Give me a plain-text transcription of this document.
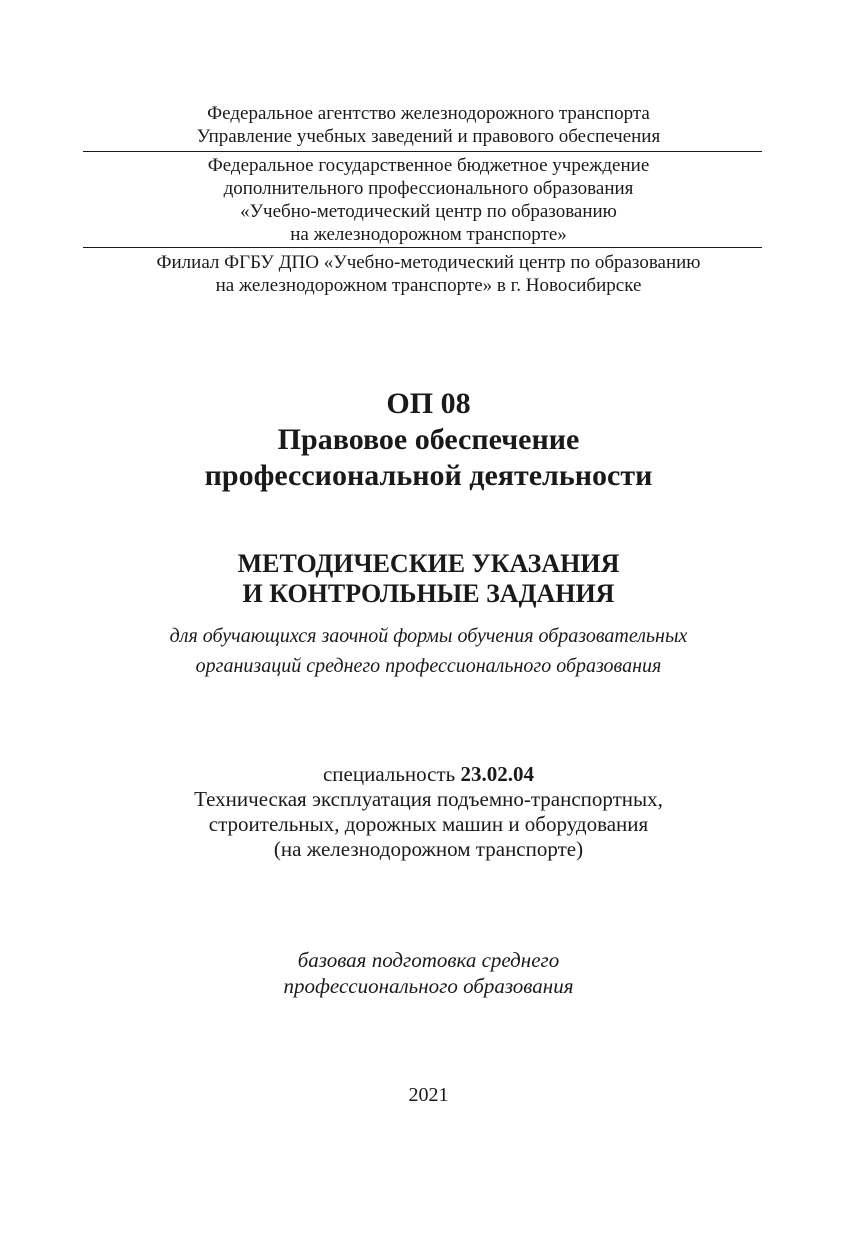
Федеральное агентство железнодорожного транспорта
Управление учебных заведений и правового обеспечения
Федеральное государственное бюджетное учреждение
дополнительного профессионального образования
«Учебно-методический центр по образованию
на железнодорожном транспорте»
Филиал ФГБУ ДПО «Учебно-методический центр по образованию
на железнодорожном транспорте» в г. Новосибирске
ОП 08
Правовое обеспечение
профессиональной деятельности
МЕТОДИЧЕСКИЕ УКАЗАНИЯ
И КОНТРОЛЬНЫЕ ЗАДАНИЯ
для обучающихся заочной формы обучения образовательных
организаций среднего профессионального образования
специальность 23.02.04
Техническая эксплуатация подъемно-транспортных,
строительных, дорожных машин и оборудования
(на железнодорожном транспорте)
базовая подготовка среднего
профессионального образования
2021
